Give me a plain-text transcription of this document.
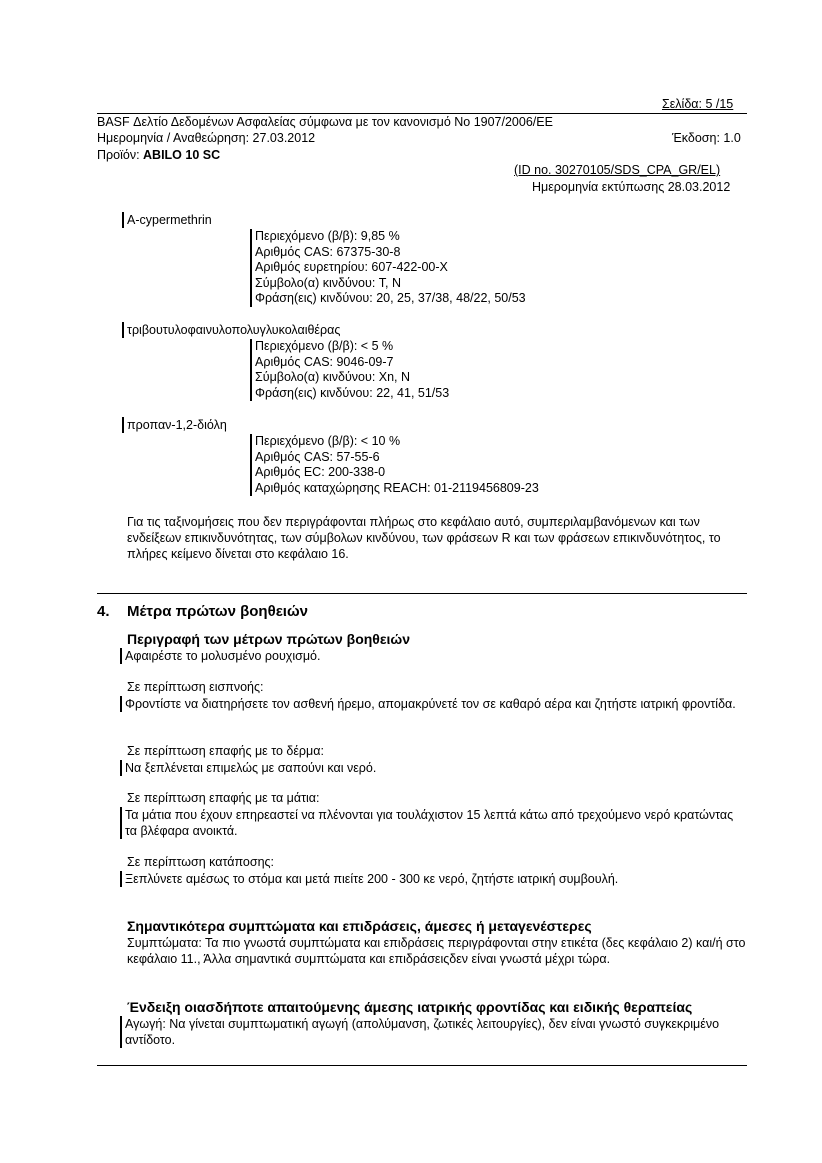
Σελίδα: 5 /15
BASF Δελτίο Δεδομένων Ασφαλείας σύμφωνα με τον κανονισμό Νο 1907/2006/ΕΕ
Ημερομηνία / Αναθεώρηση: 27.03.2012	Έκδοση: 1.0
Προϊόν: ABILO 10 SC
(ID no. 30270105/SDS_CPA_GR/EL)
Ημερομηνία εκτύπωσης 28.03.2012
A-cypermethrin
Περιεχόμενο (β/β): 9,85 %
Αριθμός CAS: 67375-30-8
Αριθμός ευρετηρίου: 607-422-00-X
Σύμβολο(α) κινδύνου: T, N
Φράση(εις) κινδύνου: 20, 25, 37/38, 48/22, 50/53
τριβουτυλοφαινυλοπολυγλυκολαιθέρας
Περιεχόμενο (β/β): < 5 %
Αριθμός CAS: 9046-09-7
Σύμβολο(α) κινδύνου: Xn, N
Φράση(εις) κινδύνου: 22, 41, 51/53
προπαν-1,2-διόλη
Περιεχόμενο (β/β): < 10 %
Αριθμός CAS: 57-55-6
Αριθμός EC: 200-338-0
Αριθμός καταχώρησης REACH: 01-2119456809-23
Για τις ταξινομήσεις που δεν περιγράφονται πλήρως στο κεφάλαιο αυτό, συμπεριλαμβανόμενων και των ενδείξεων επικινδυνότητας, των σύμβολων κινδύνου, των φράσεων R και των φράσεων επικινδυνότητος, το πλήρες κείμενο δίνεται στο κεφάλαιο 16.
4. Μέτρα πρώτων βοηθειών
Περιγραφή των μέτρων πρώτων βοηθειών
Αφαιρέστε το μολυσμένο ρουχισμό.
Σε περίπτωση εισπνοής:
Φροντίστε να διατηρήσετε τον ασθενή ήρεμο, απομακρύνετέ τον σε καθαρό αέρα και ζητήστε ιατρική φροντίδα.
Σε περίπτωση επαφής με το δέρμα:
Να ξεπλένεται επιμελώς με σαπούνι και νερό.
Σε περίπτωση επαφής με τα μάτια:
Τα μάτια που έχουν επηρεαστεί να πλένονται για τουλάχιστον 15 λεπτά κάτω από τρεχούμενο νερό κρατώντας τα βλέφαρα ανοικτά.
Σε περίπτωση κατάποσης:
Ξεπλύνετε αμέσως το στόμα και μετά πιείτε 200 - 300 κε νερό, ζητήστε ιατρική συμβουλή.
Σημαντικότερα συμπτώματα και επιδράσεις, άμεσες ή μεταγενέστερες
Συμπτώματα: Τα πιο γνωστά συμπτώματα και επιδράσεις περιγράφονται στην ετικέτα (δες κεφάλαιο 2) και/ή στο κεφάλαιο 11., Άλλα σημαντικά συμπτώματα και επιδράσειςδεν είναι γνωστά μέχρι τώρα.
Ένδειξη οιασδήποτε απαιτούμενης άμεσης ιατρικής φροντίδας και ειδικής θεραπείας
Αγωγή: Να γίνεται συμπτωματική αγωγή (απολύμανση, ζωτικές λειτουργίες), δεν είναι γνωστό συγκεκριμένο αντίδοτο.
